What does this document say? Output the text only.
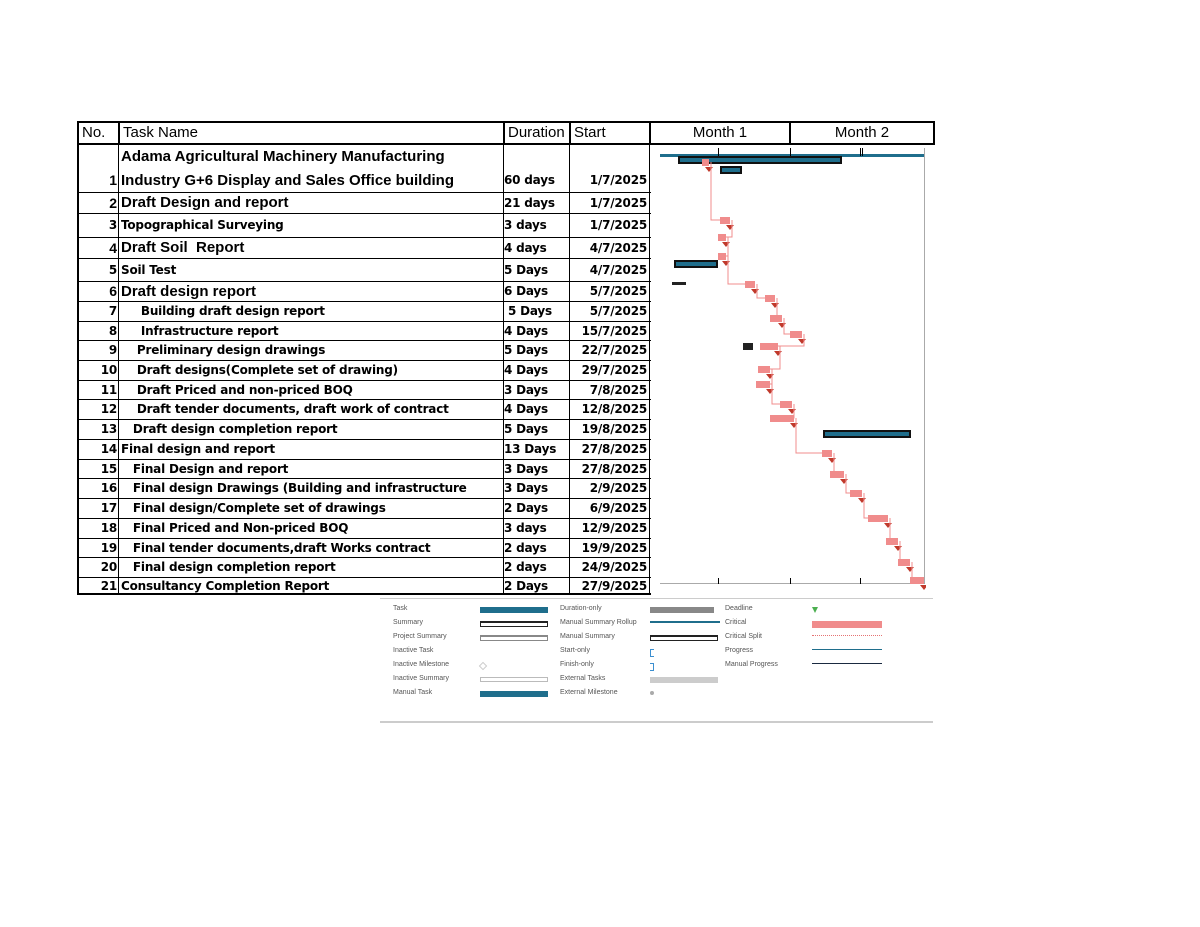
No.	Task Name	Duration Start	Month 1	Month 2
Adama Agricultural Machinery Manufacturing
1 Industry G+6 Display and Sales Office building	60 days	1/7/2025
2 Draft Design and report	21 days	1/7/2025
3 Topographical Surveying	3 days	1/7/2025
4 Draft Soil  Report	4 days	4/7/2025
5 Soil Test	5 Days	4/7/2025
6 Draft design report	6 Days	5/7/2025
7 Building draft design report	5 Days	5/7/2025
8 Infrastructure report	4 Days	15/7/2025
9 Preliminary design drawings	5 Days	22/7/2025
10 Draft designs(Complete set of drawing)	4 Days	29/7/2025
11 Draft Priced and non-priced BOQ	3 Days	7/8/2025
12 Draft tender documents, draft work of contract	4 Days	12/8/2025
13 Draft design completion report	5 Days	19/8/2025
14 Final design and report	13 Days	27/8/2025
15 Final Design and report	3 Days	27/8/2025
16 Final design Drawings (Building and infrastructure	3 Days	2/9/2025
17 Final design/Complete set of drawings	2 Days	6/9/2025
18 Final Priced and Non-priced BOQ	3 days	12/9/2025
19 Final tender documents,draft Works contract	2 days	19/9/2025
20 Final design completion report	2 days	24/9/2025
21 Consultancy Completion Report	2 Days	27/9/2025
Task
Summary
Project Summary
Inactive Task
Inactive Milestone
Inactive Summary
Manual Task
Duration-only
Manual Summary Rollup
Manual Summary
Start-only
Finish-only
External Tasks
External Milestone
Deadline
Critical
Critical Split
Progress
Manual Progress
